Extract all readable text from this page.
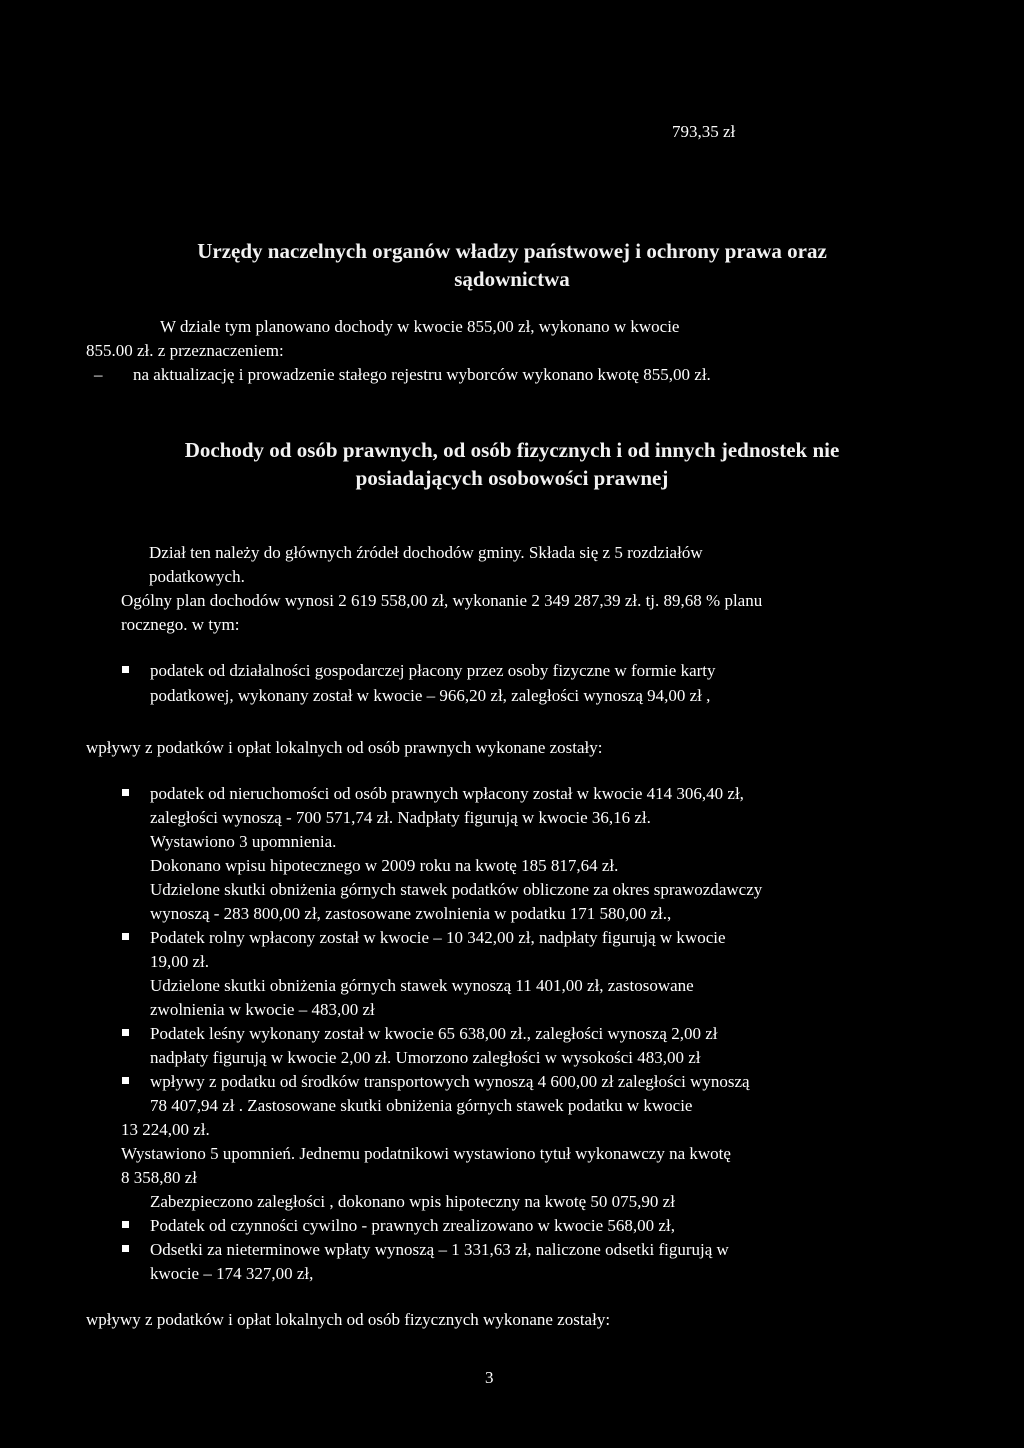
793,35 zł
Urzędy naczelnych organów władzy państwowej i ochrony prawa oraz
sądownictwa
W dziale tym planowano dochody w kwocie 855,00 zł, wykonano w kwocie
855.00 zł. z przeznaczeniem:
– na aktualizację i prowadzenie stałego rejestru wyborców wykonano kwotę 855,00 zł.
Dochody od osób prawnych, od osób fizycznych i od innych jednostek nie
posiadających osobowości prawnej
Dział ten należy do głównych źródeł dochodów gminy. Składa się z 5 rozdziałów
podatkowych.
Ogólny plan dochodów wynosi 2 619 558,00 zł, wykonanie 2 349 287,39 zł. tj. 89,68 % planu
rocznego. w tym:
podatek od działalności gospodarczej płacony przez osoby fizyczne w formie karty
podatkowej, wykonany został w kwocie – 966,20 zł, zaległości wynoszą 94,00 zł ,
wpływy z podatków i opłat lokalnych od osób prawnych wykonane zostały:
podatek od nieruchomości od osób prawnych wpłacony został w kwocie 414 306,40 zł,
zaległości wynoszą - 700 571,74 zł. Nadpłaty figurują w kwocie 36,16 zł.
Wystawiono 3 upomnienia.
Dokonano wpisu hipotecznego w 2009 roku na kwotę 185 817,64 zł.
Udzielone skutki obniżenia górnych stawek podatków obliczone za okres sprawozdawczy
wynoszą - 283 800,00 zł, zastosowane zwolnienia w podatku 171 580,00 zł.,
Podatek rolny wpłacony został w kwocie – 10 342,00 zł, nadpłaty figurują w kwocie
19,00 zł.
Udzielone skutki obniżenia górnych stawek wynoszą 11 401,00 zł, zastosowane
zwolnienia w kwocie – 483,00 zł
Podatek leśny wykonany został w kwocie 65 638,00 zł., zaległości wynoszą 2,00 zł
nadpłaty figurują w kwocie 2,00 zł. Umorzono zaległości w wysokości 483,00 zł
wpływy z podatku od środków transportowych wynoszą 4 600,00 zł zaległości wynoszą
78 407,94 zł . Zastosowane skutki obniżenia górnych stawek podatku w kwocie
13 224,00 zł.
Wystawiono 5 upomnień. Jednemu podatnikowi wystawiono tytuł wykonawczy na kwotę
8 358,80 zł
Zabezpieczono zaległości , dokonano wpis hipoteczny na kwotę 50 075,90 zł
Podatek od czynności cywilno - prawnych zrealizowano w kwocie 568,00 zł,
Odsetki za nieterminowe wpłaty wynoszą – 1 331,63 zł, naliczone odsetki figurują w
kwocie – 174 327,00 zł,
wpływy z podatków i opłat lokalnych od osób fizycznych wykonane zostały:
3
